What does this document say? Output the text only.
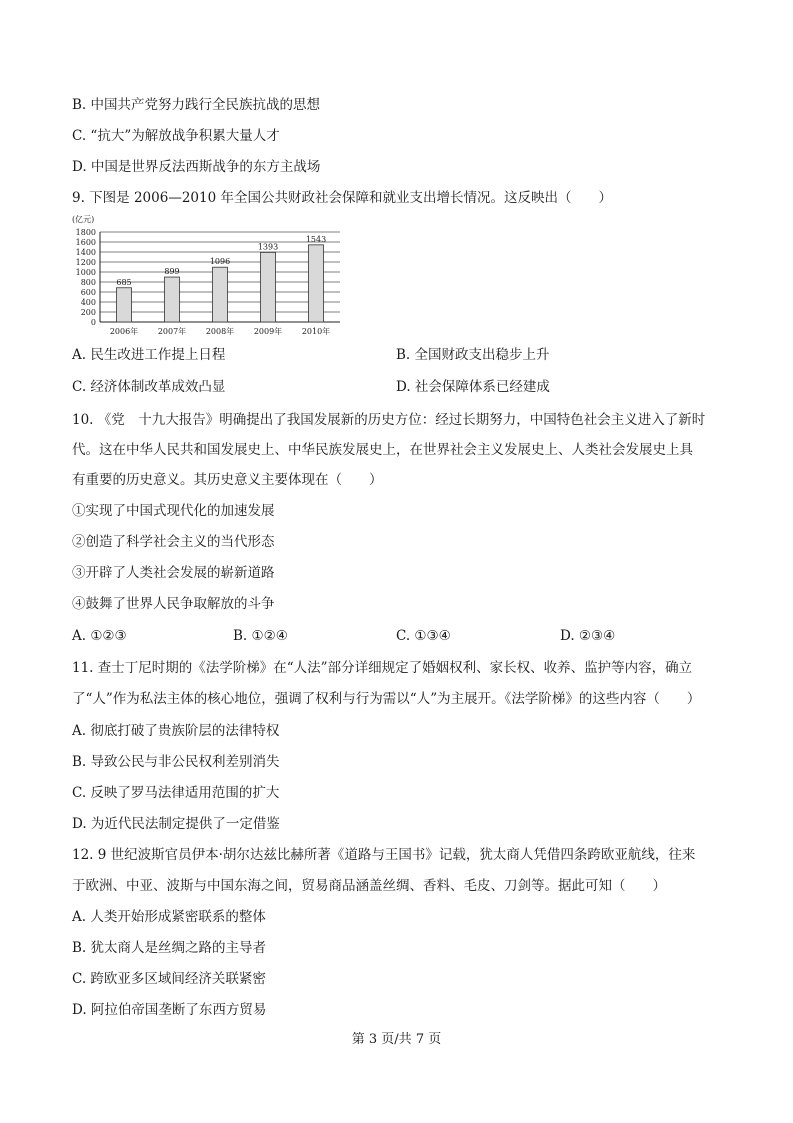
B. 中国共产党努力践行全民族抗战的思想
C. “抗大”为解放战争积累大量人才
D. 中国是世界反法西斯战争的东方主战场
9. 下图是 2006—2010 年全国公共财政社会保障和就业支出增长情况。这反映出（　　）
(亿元)
0
200
400
600
800
1000
1200
1400
1600
1800
685
2006年
899
2007年
1096
2008年
1393
2009年
1543
2010年
A. 民生改进工作提上日程	B. 全国财政支出稳步上升
C. 经济体制改革成效凸显	D. 社会保障体系已经建成
10. 《党　十九大报告》明确提出了我国发展新的历史方位：经过长期努力，中国特色社会主义进入了新时
代。这在中华人民共和国发展史上、中华民族发展史上，在世界社会主义发展史上、人类社会发展史上具
有重要的历史意义。其历史意义主要体现在（　　）
①实现了中国式现代化的加速发展
②创造了科学社会主义的当代形态
③开辟了人类社会发展的崭新道路
④鼓舞了世界人民争取解放的斗争
A. ①②③	B. ①②④	C. ①③④	D. ②③④
11. 查士丁尼时期的《法学阶梯》在“人法”部分详细规定了婚姻权利、家长权、收养、监护等内容，确立
了“人”作为私法主体的核心地位，强调了权利与行为需以“人”为主展开。《法学阶梯》的这些内容（　　）
A. 彻底打破了贵族阶层的法律特权
B. 导致公民与非公民权利差别消失
C. 反映了罗马法律适用范围的扩大
D. 为近代民法制定提供了一定借鉴
12. 9 世纪波斯官员伊本·胡尔达兹比赫所著《道路与王国书》记载，犹太商人凭借四条跨欧亚航线，往来
于欧洲、中亚、波斯与中国东海之间，贸易商品涵盖丝绸、香料、毛皮、刀剑等。据此可知（　　）
A. 人类开始形成紧密联系的整体
B. 犹太商人是丝绸之路的主导者
C. 跨欧亚多区域间经济关联紧密
D. 阿拉伯帝国垄断了东西方贸易
第 3 页/共 7 页
